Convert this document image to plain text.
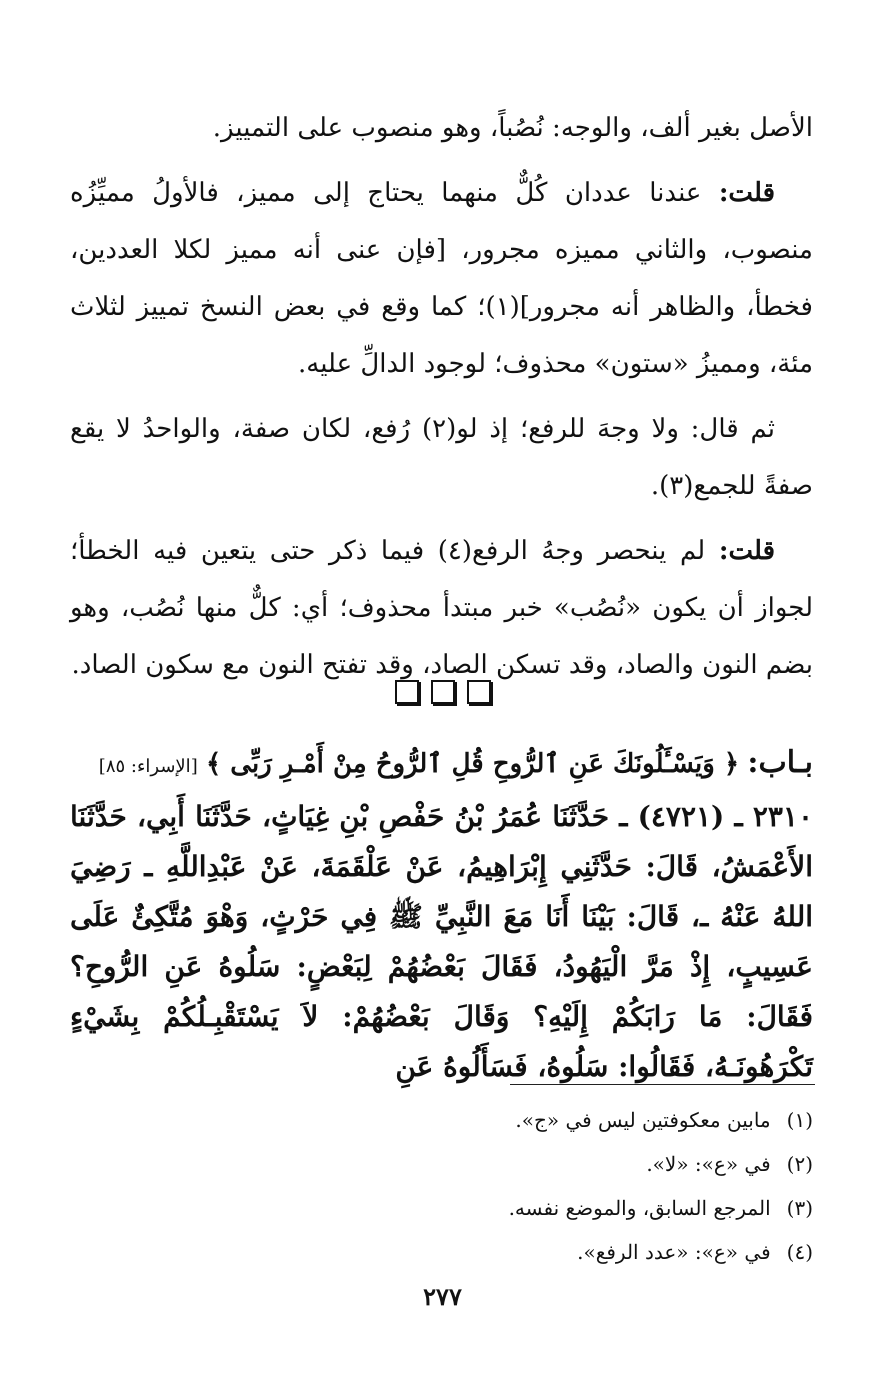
الأصل بغير ألف، والوجه: نُصُباً، وهو منصوب على التمييز.

قلت: عندنا عددان كُلٌّ منهما يحتاج إلى مميز، فالأولُ مميِّزُه منصوب، والثاني مميزه مجرور، [فإن عنى أنه مميز لكلا العددين، فخطأ، والظاهر أنه مجرور](١)؛ كما وقع في بعض النسخ تمييز لثلاث مئة، ومميزُ «ستون» محذوف؛ لوجود الدالِّ عليه.

ثم قال: ولا وجهَ للرفع؛ إذ لو(٢) رُفع، لكان صفة، والواحدُ لا يقع صفةً للجمع(٣).

قلت: لم ينحصر وجهُ الرفع(٤) فيما ذكر حتى يتعين فيه الخطأ؛ لجواز أن يكون «نُصُب» خبر مبتدأ محذوف؛ أي: كلٌّ منها نُصُب، وهو بضم النون والصاد، وقد تسكن الصاد، وقد تفتح النون مع سكون الصاد.

بـاب: ﴿ وَيَسْـَٔلُونَكَ عَنِ ٱلرُّوحِ قُلِ ٱلرُّوحُ مِنْ أَمْـرِ رَبِّى ﴾ [الإسراء: ٨٥]

٢٣١٠ ـ (٤٧٢١) ـ حَدَّثَنَا عُمَرُ بْنُ حَفْصِ بْنِ غِيَاثٍ، حَدَّثَنَا أَبِي، حَدَّثَنَا الأَعْمَشُ، قَالَ: حَدَّثَنِي إِبْرَاهِيمُ، عَنْ عَلْقَمَةَ، عَنْ عَبْدِاللَّهِ ـ رَضِيَ اللهُ عَنْهُ ـ، قَالَ: بَيْنَا أَنَا مَعَ النَّبِيِّ ﷺ فِي حَرْثٍ، وَهْوَ مُتَّكِئٌ عَلَى عَسِيبٍ، إِذْ مَرَّ الْيَهُودُ، فَقَالَ بَعْضُهُمْ لِبَعْضٍ: سَلُوهُ عَنِ الرُّوحِ؟ فَقَالَ: مَا رَابَكُمْ إِلَيْهِ؟ وَقَالَ بَعْضُهُمْ: لاَ يَسْتَقْبِـلُكُمْ بِشَيْءٍ تَكْرَهُونَـهُ، فَقَالُوا: سَلُوهُ، فَسَأَلُوهُ عَنِ

(١) مابين معكوفتين ليس في «ج».
(٢) في «ع»: «لا».
(٣) المرجع السابق، والموضع نفسه.
(٤) في «ع»: «عدد الرفع».
٢٧٧
